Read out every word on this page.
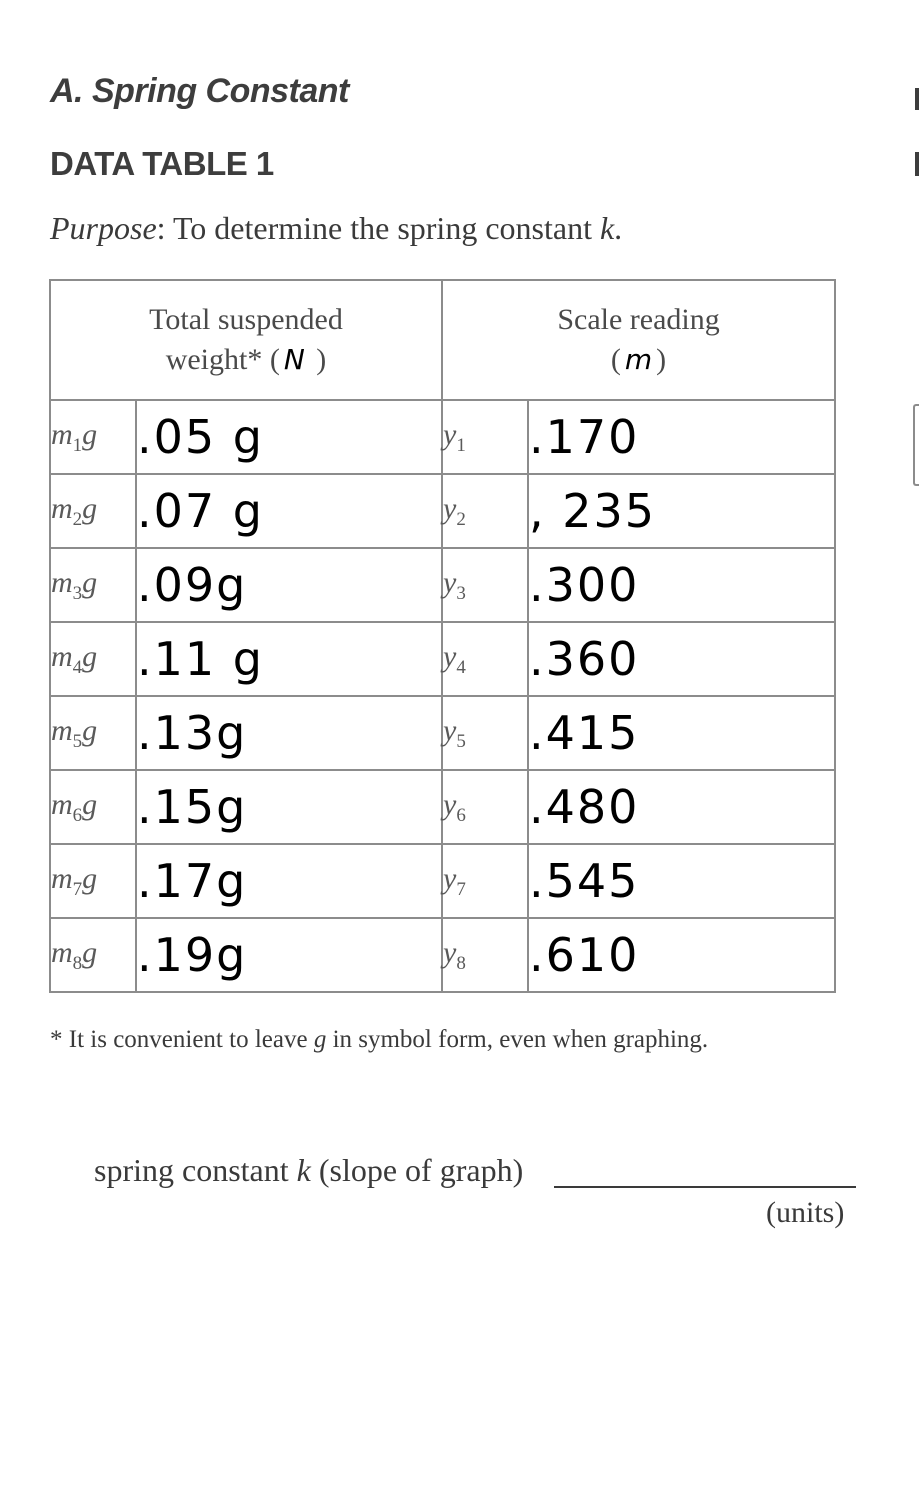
A. Spring Constant
DATA TABLE 1

Purpose: To determine the spring constant k.

Total suspended
weight* ( N )		Scale reading
( m )	
$m_1g$	.05 g	$y_1$	.170
$m_2g$	.07 g	$y_2$	, 235
$m_3g$	.09g	$y_3$	.300
$m_4g$	.11 g	$y_4$	.360
$m_5g$	.13g	$y_5$	.415
$m_6g$	.15g	$y_6$	.480
$m_7g$	.17g	$y_7$	.545
$m_8g$	.19g	$y_8$	.610

* It is convenient to leave g in symbol form, even when graphing.

spring constant k (slope of graph)

(units)
